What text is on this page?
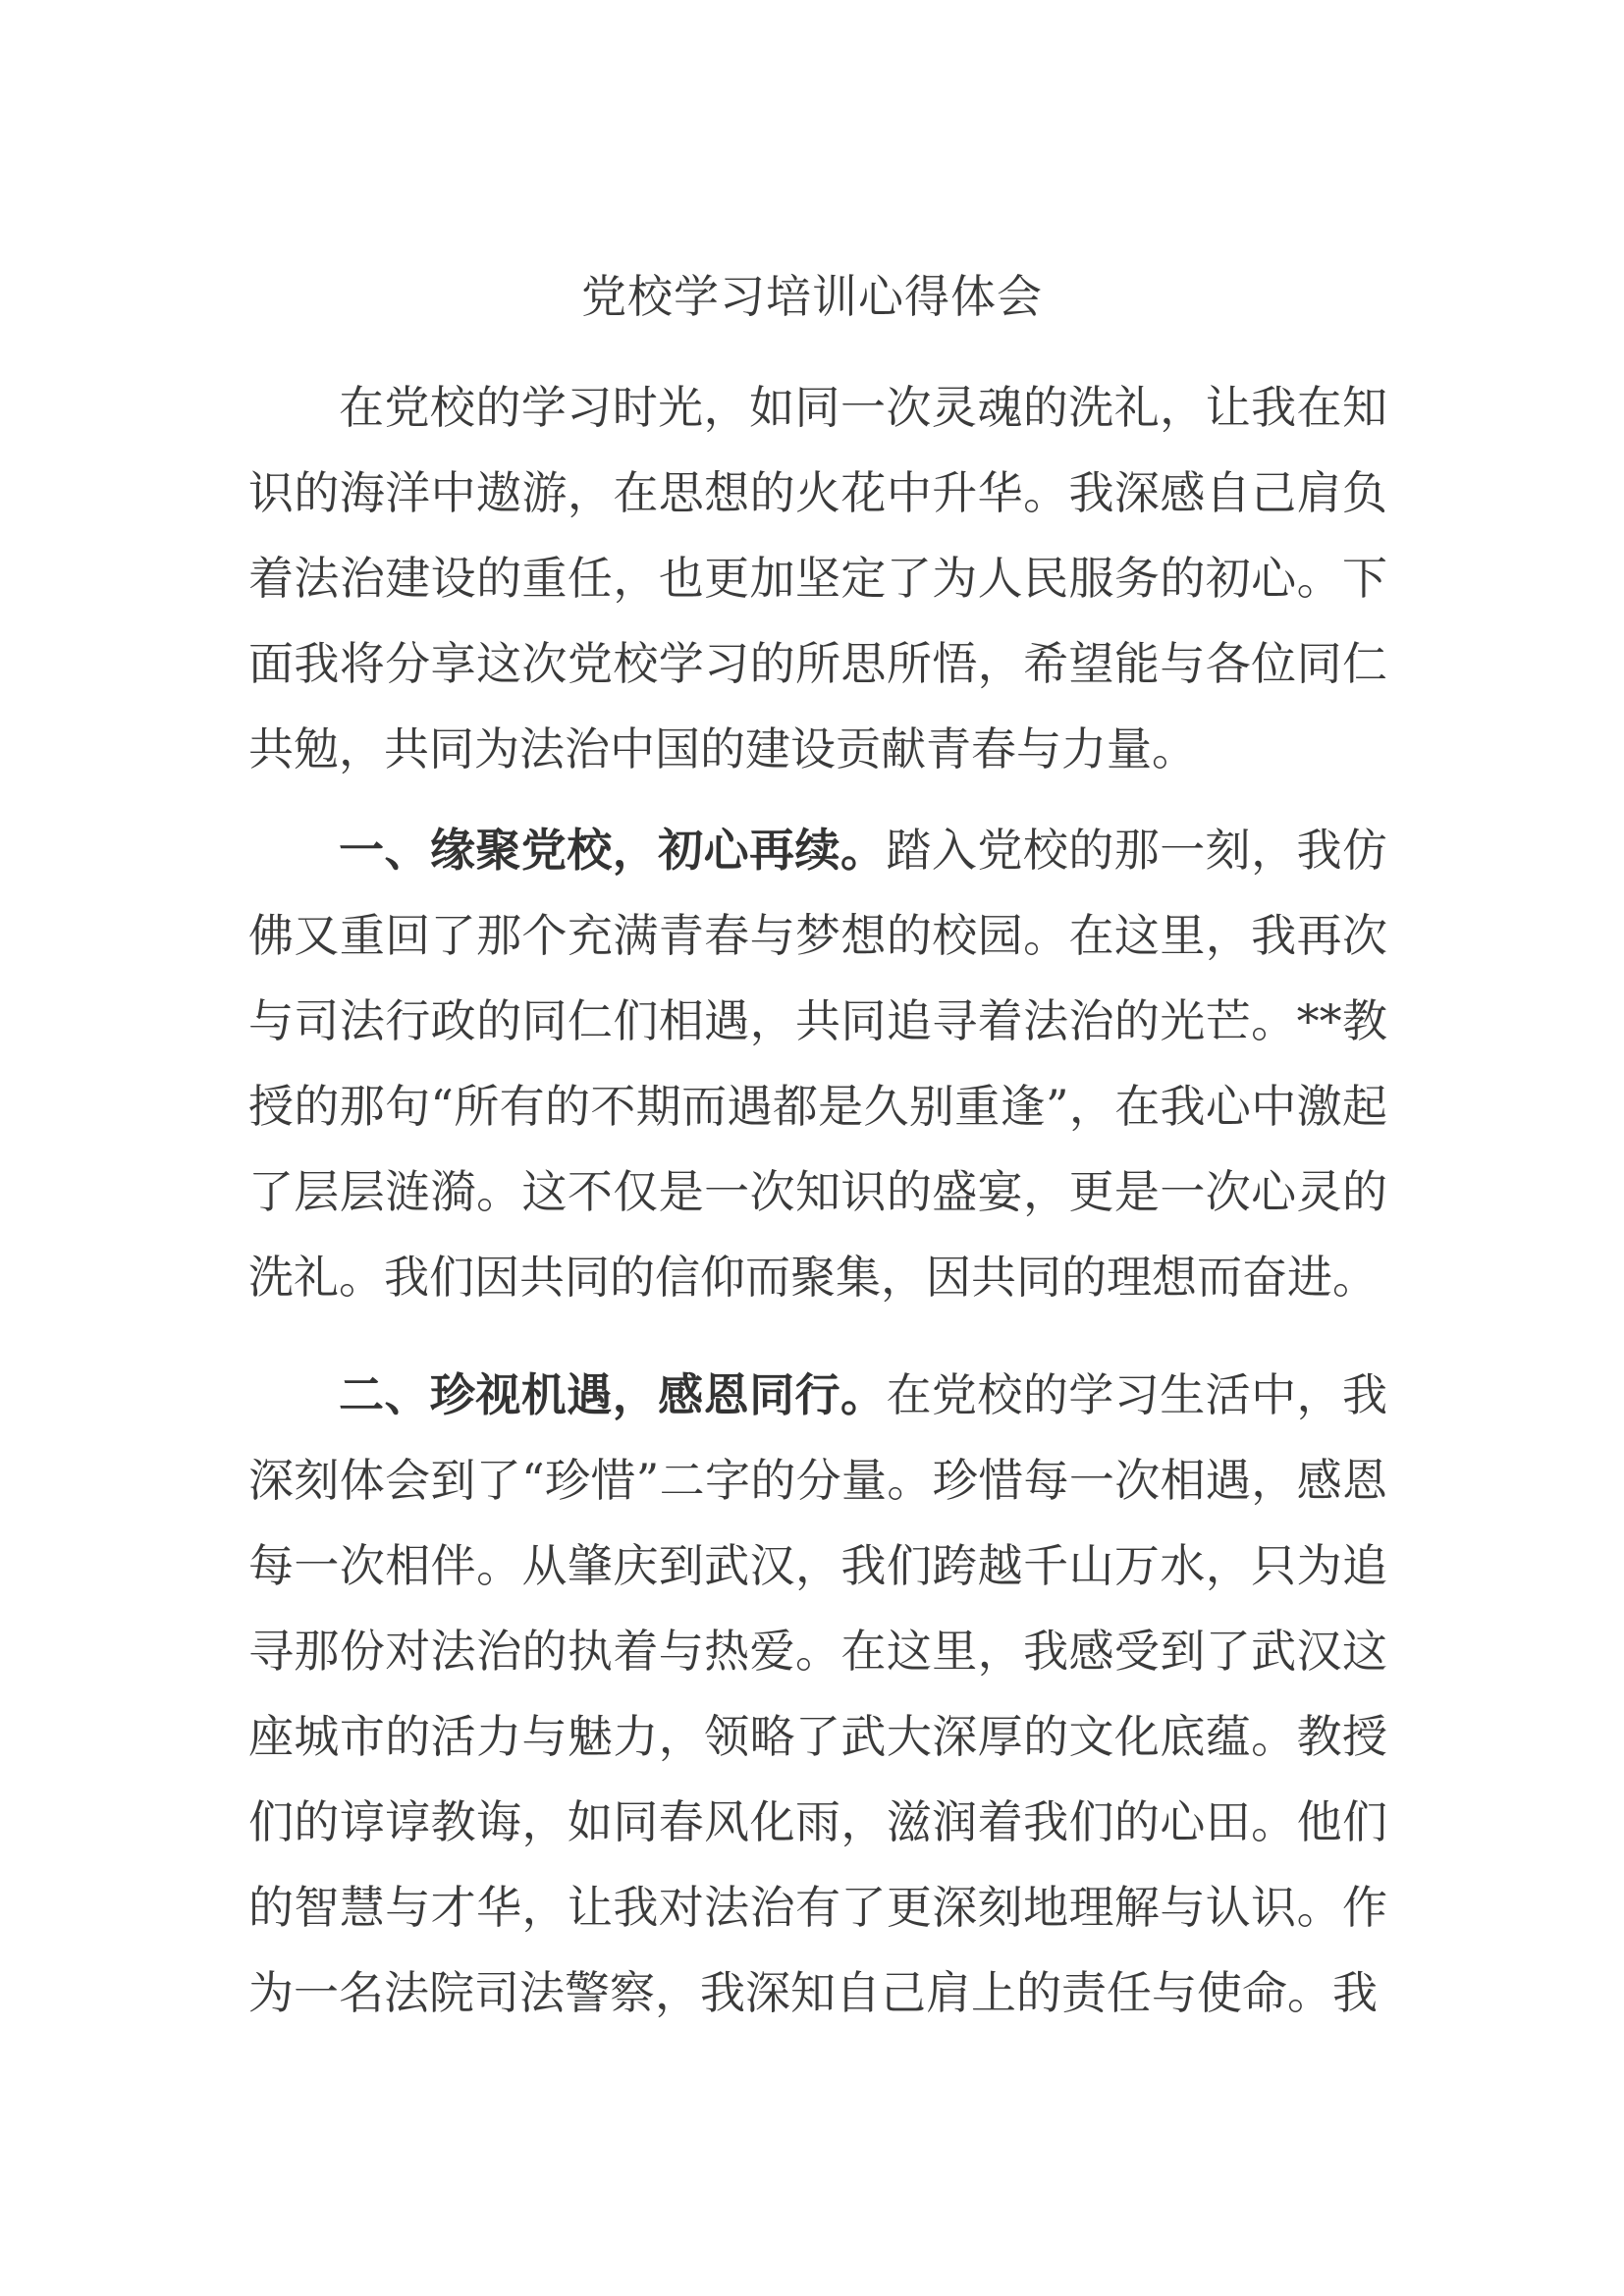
党校学习培训心得体会

在党校的学习时光，如同一次灵魂的洗礼，让我在知识的海洋中遨游，在思想的火花中升华。我深感自己肩负着法治建设的重任，也更加坚定了为人民服务的初心。下面我将分享这次党校学习的所思所悟，希望能与各位同仁共勉，共同为法治中国的建设贡献青春与力量。

一、缘聚党校，初心再续。踏入党校的那一刻，我仿佛又重回了那个充满青春与梦想的校园。在这里，我再次与司法行政的同仁们相遇，共同追寻着法治的光芒。**教授的那句“所有的不期而遇都是久别重逢”，在我心中激起了层层涟漪。这不仅是一次知识的盛宴，更是一次心灵的洗礼。我们因共同的信仰而聚集，因共同的理想而奋进。

二、珍视机遇，感恩同行。在党校的学习生活中，我深刻体会到了“珍惜”二字的分量。珍惜每一次相遇，感恩每一次相伴。从肇庆到武汉，我们跨越千山万水，只为追寻那份对法治的执着与热爱。在这里，我感受到了武汉这座城市的活力与魅力，领略了武大深厚的文化底蕴。教授们的谆谆教诲，如同春风化雨，滋润着我们的心田。他们的智慧与才华，让我对法治有了更深刻地理解与认识。作为一名法院司法警察，我深知自己肩上的责任与使命。我
